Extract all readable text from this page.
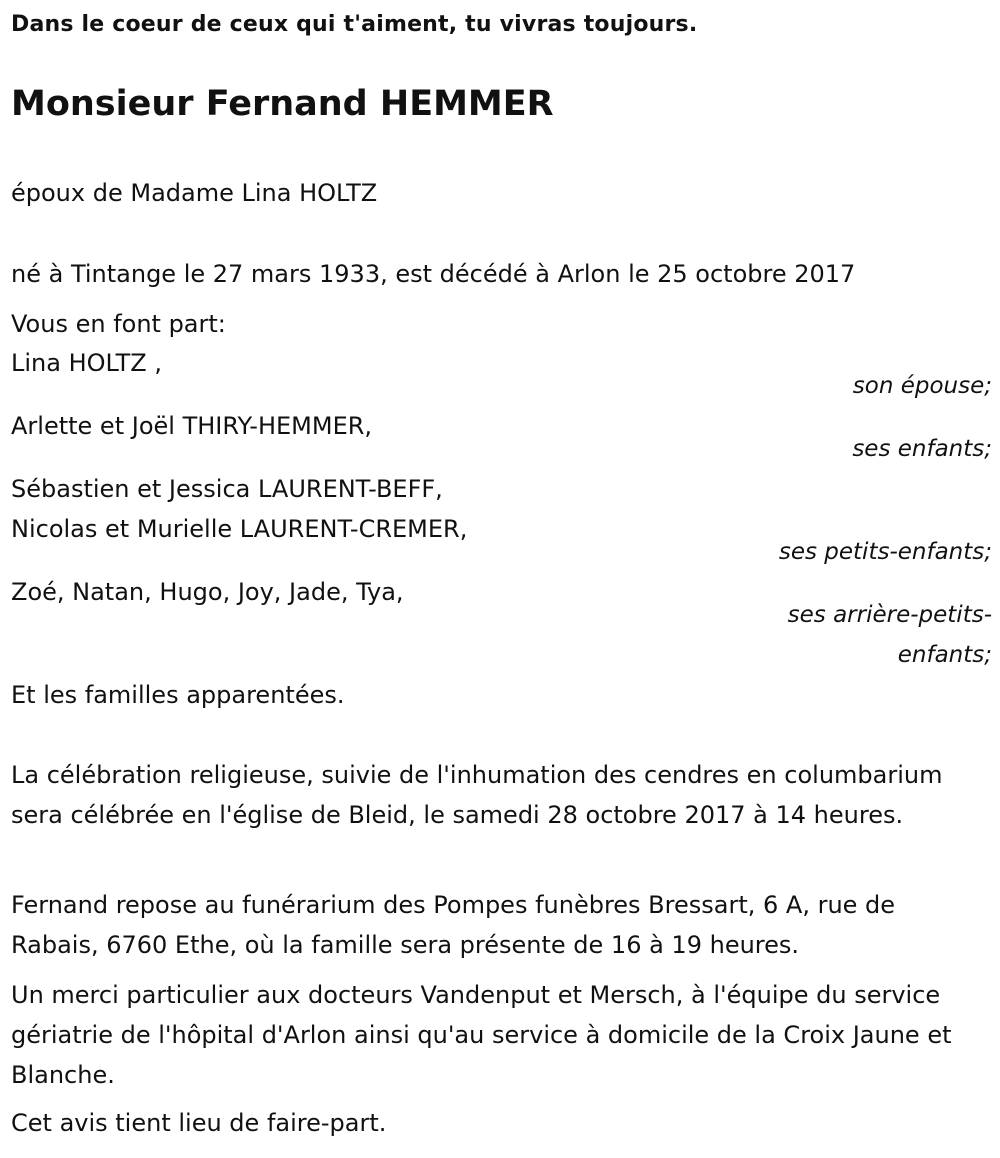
Dans le coeur de ceux qui t'aiment, tu vivras toujours.
Monsieur Fernand HEMMER
époux de Madame Lina HOLTZ
né à Tintange le 27 mars 1933, est décédé à Arlon le 25 octobre 2017
Vous en font part:
Lina HOLTZ ,
son épouse;
Arlette et Joël THIRY-HEMMER,
ses enfants;
Sébastien et Jessica LAURENT-BEFF,
Nicolas et Murielle LAURENT-CREMER,
ses petits-enfants;
Zoé, Natan, Hugo, Joy, Jade, Tya,
ses arrière-petits-
enfants;
Et les familles apparentées.
La célébration religieuse, suivie de l'inhumation des cendres en columbarium sera célébrée en l'église de Bleid, le samedi 28 octobre 2017 à 14 heures.
Fernand repose au funérarium des Pompes funèbres Bressart, 6 A, rue de Rabais, 6760 Ethe, où la famille sera présente de 16 à 19 heures.
Un merci particulier aux docteurs Vandenput et Mersch, à l'équipe du service gériatrie de l'hôpital d'Arlon ainsi qu'au service à domicile de la Croix Jaune et Blanche.
Cet avis tient lieu de faire-part.
